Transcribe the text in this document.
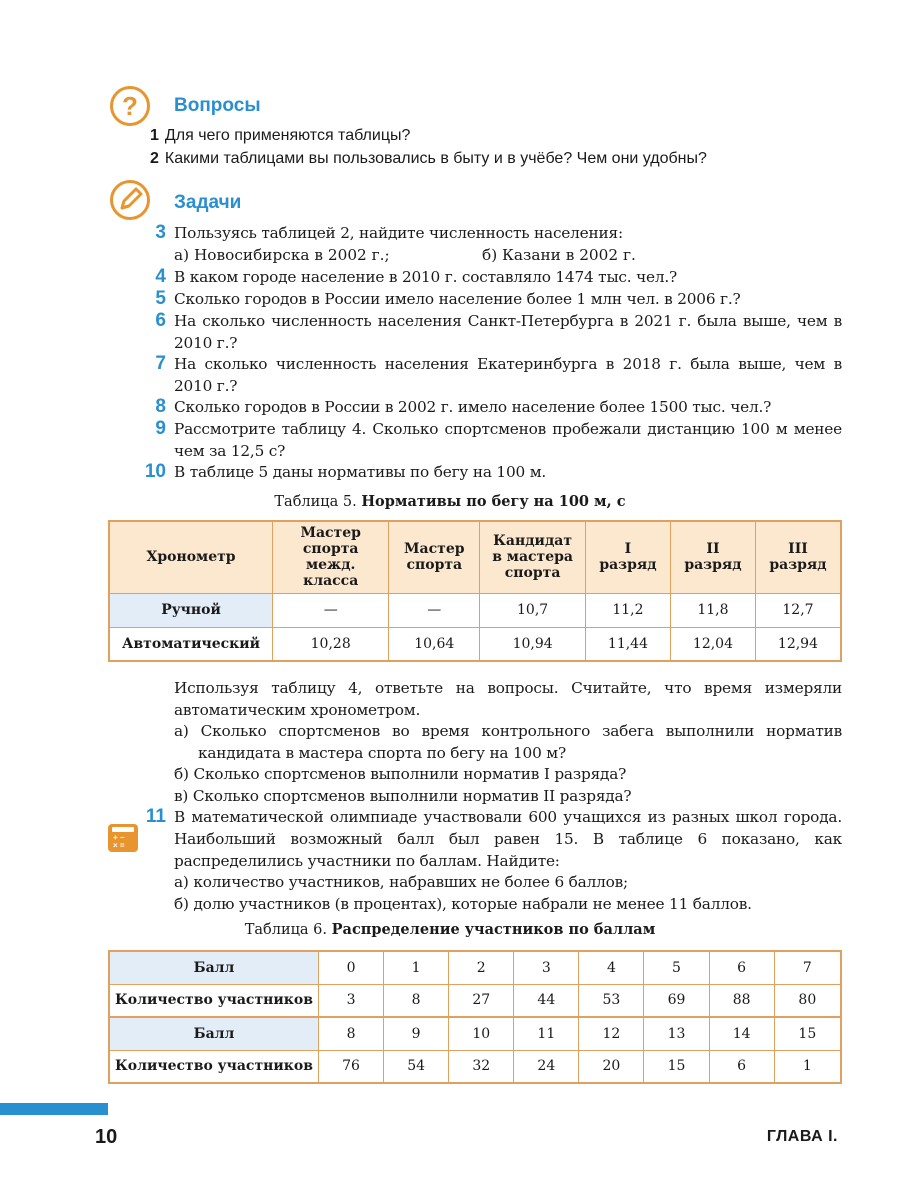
?	Вопросы
1 Для чего применяются таблицы?
2 Какими таблицами вы пользовались в быту и в учёбе? Чем они удобны?
Задачи
3 Пользуясь таблицей 2, найдите численность населения:
а) Новосибирска в 2002 г.;	б) Казани в 2002 г.
4 В каком городе население в 2010 г. составляло 1474 тыс. чел.?
5 Сколько городов в России имело население более 1 млн чел. в 2006 г.?
6 На сколько численность населения Санкт-Петербурга в 2021 г. была выше, чем в 2010 г.?
7 На сколько численность населения Екатеринбурга в 2018 г. была выше, чем в 2010 г.?
8 Сколько городов в России в 2002 г. имело население более 1500 тыс. чел.?
9 Рассмотрите таблицу 4. Сколько спортсменов пробежали дистанцию 100 м менее чем за 12,5 с?
10 В таблице 5 даны нормативы по бегу на 100 м.
Таблица 5. Нормативы по бегу на 100 м, с
Хронометр	Мастер спорта межд. класса	Мастер спорта	Кандидат в мастера спорта	I разряд	II разряд	III разряд
Ручной	—	—	10,7	11,2	11,8	12,7
Автоматический	10,28	10,64	10,94	11,44	12,04	12,94
Используя таблицу 4, ответьте на вопросы. Считайте, что время измеряли автоматическим хронометром.
а) Сколько спортсменов во время контрольного забега выполнили норматив кандидата в мастера спорта по бегу на 100 м?
б) Сколько спортсменов выполнили норматив I разряда?
в) Сколько спортсменов выполнили норматив II разряда?
11 В математической олимпиаде участвовали 600 учащихся из разных школ города. Наибольший возможный балл был равен 15. В таблице 6 показано, как распределились участники по баллам. Найдите:
+ −
× =
а) количество участников, набравших не более 6 баллов;
б) долю участников (в процентах), которые набрали не менее 11 баллов.
Таблица 6. Распределение участников по баллам
Балл	0	1	2	3	4	5	6	7
Количество участников	3	8	27	44	53	69	88	80
Балл	8	9	10	11	12	13	14	15
Количество участников	76	54	32	24	20	15	6	1
10	ГЛАВА I.
